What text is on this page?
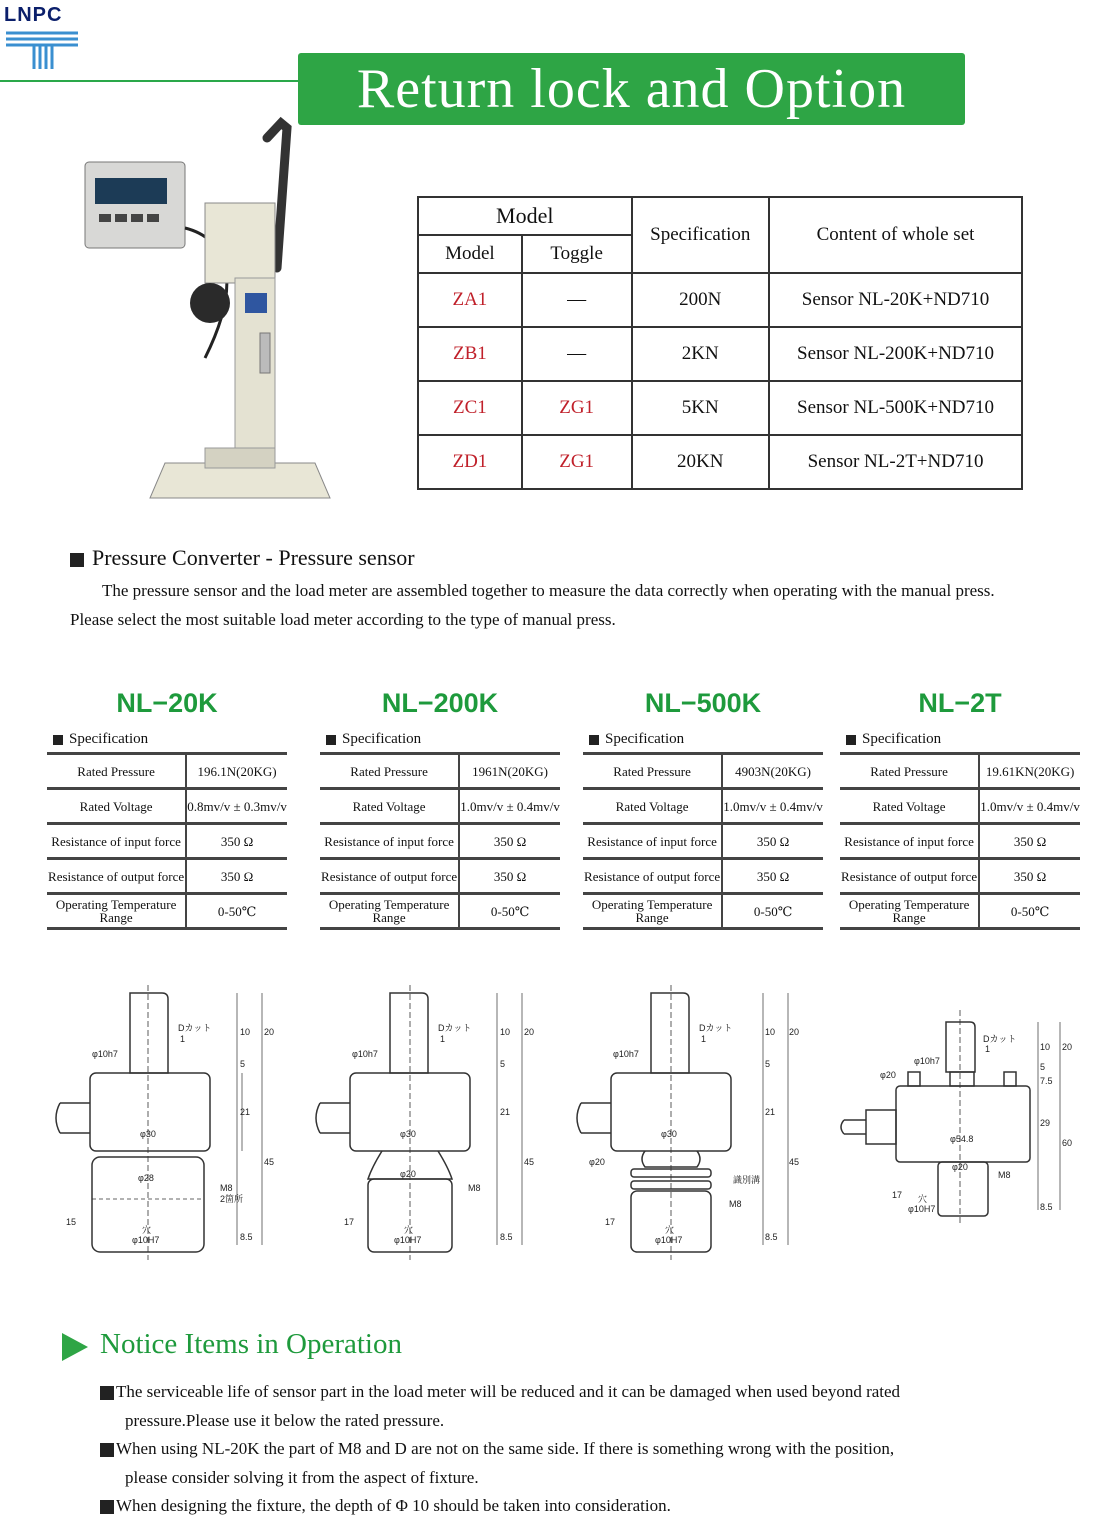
LNPC
Return lock and Option
Model		Specification	Content of whole set
Model	Toggle		
ZA1	—	200N	Sensor NL-20K+ND710
ZB1	—	2KN	Sensor NL-200K+ND710
ZC1	ZG1	5KN	Sensor NL-500K+ND710
ZD1	ZG1	20KN	Sensor NL-2T+ND710
Pressure Converter - Pressure sensor
The pressure sensor and the load meter are assembled together to measure the data correctly when operating with the manual press. Please select the most suitable load meter according to the type of manual press.
NL−20K
Specification
Rated Pressure	196.1N(20KG)
Rated Voltage	0.8mv/v ± 0.3mv/v
Resistance of input force	350 Ω
Resistance of output force	350 Ω
Operating Temperature Range	0-50℃
NL−200K
Specification
Rated Pressure	1961N(20KG)
Rated Voltage	1.0mv/v ± 0.4mv/v
Resistance of input force	350 Ω
Resistance of output force	350 Ω
Operating Temperature Range	0-50℃
NL−500K
Specification
Rated Pressure	4903N(20KG)
Rated Voltage	1.0mv/v ± 0.4mv/v
Resistance of input force	350 Ω
Resistance of output force	350 Ω
Operating Temperature Range	0-50℃
NL−2T
Specification
Rated Pressure	19.61KN(20KG)
Rated Voltage	1.0mv/v ± 0.4mv/v
Resistance of input force	350 Ω
Resistance of output force	350 Ω
Operating Temperature Range	0-50℃
φ10h7
Dカット
1
10 20
5
21
45
φ30
φ28
M8
2箇所
15
穴
φ10H7	8.5
φ10h7
Dカット
1
10 20
5
21
45
φ30
φ20
M8
17
穴
φ10H7	8.5
φ10h7
Dカット
1
10 20
5
21
45
φ30
φ20
識別溝
M8
17
穴
φ10H7	8.5
φ10h7
Dカット
1	10 20
5
7.5
φ20
29
60
φ54.8
φ20
M8
17 穴
φ10H7	8.5
Notice Items in Operation

The serviceable life of sensor part in the load meter will be reduced and it can be damaged when used beyond rated

pressure.Please use it below the rated pressure.

When using NL-20K the part of M8 and D are not on the same side. If there is something wrong with the position,

please consider solving it from the aspect of fixture.

When designing the fixture, the depth of Φ 10 should be taken into consideration.
